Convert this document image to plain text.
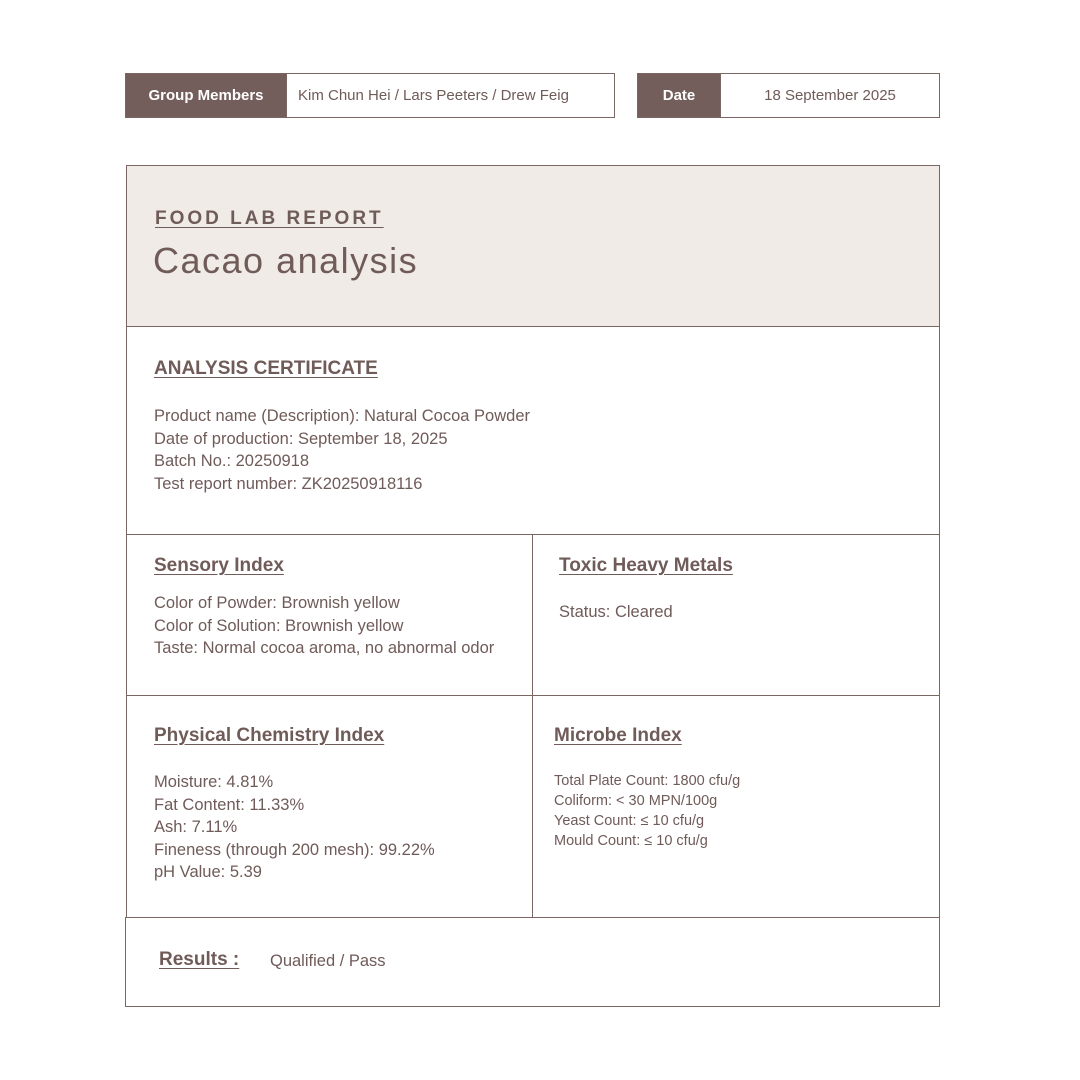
Group Members	Kim Chun Hei / Lars Peeters / Drew Feig	Date	18 September 2025
FOOD LAB REPORT
Cacao analysis
ANALYSIS CERTIFICATE
Product name (Description): Natural Cocoa Powder
Date of production: September 18, 2025
Batch No.: 20250918
Test report number: ZK20250918116
Sensory Index
Color of Powder: Brownish yellow
Color of Solution: Brownish yellow
Taste: Normal cocoa aroma, no abnormal odor
Toxic Heavy Metals
Status: Cleared
Physical Chemistry Index
Moisture: 4.81%
Fat Content: 11.33%
Ash: 7.11%
Fineness (through 200 mesh): 99.22%
pH Value: 5.39
Microbe Index
Total Plate Count: 1800 cfu/g
Coliform: < 30 MPN/100g
Yeast Count: ≤ 10 cfu/g
Mould Count: ≤ 10 cfu/g
Results : Qualified / Pass
